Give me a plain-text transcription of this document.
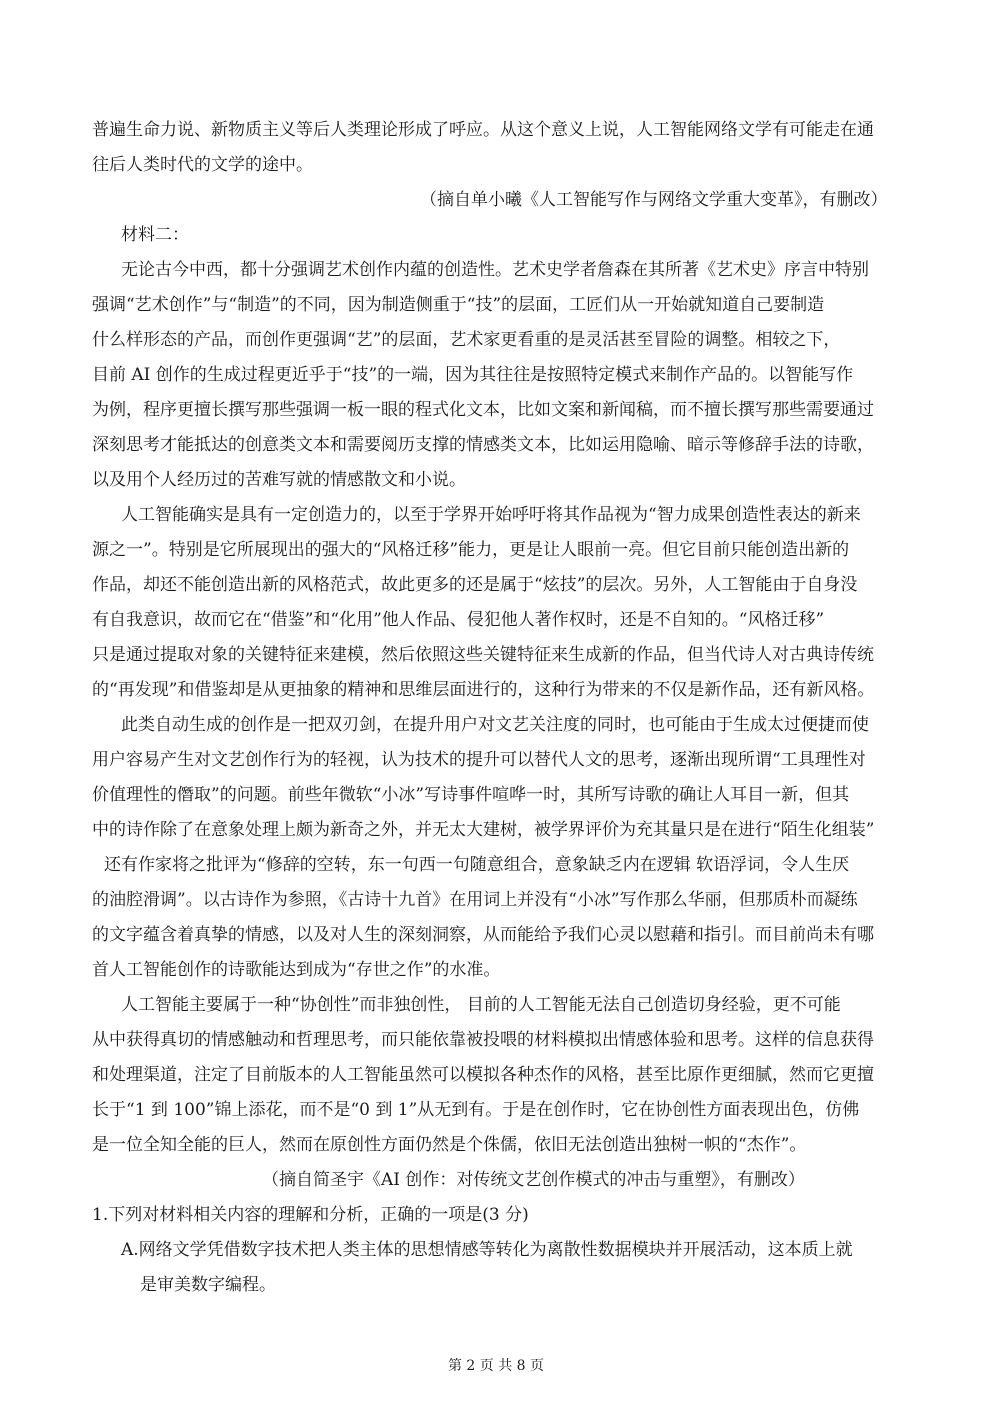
普遍生命力说、新物质主义等后人类理论形成了呼应。从这个意义上说，人工智能网络文学有可能走在通
往后人类时代的文学的途中。
（摘自单小曦《人工智能写作与网络文学重大变革》，有删改）
材料二：
无论古今中西，都十分强调艺术创作内蕴的创造性。艺术史学者詹森在其所著《艺术史》序言中特别
强调“艺术创作”与“制造”的不同，因为制造侧重于“技”的层面，工匠们从一开始就知道自己要制造
什么样形态的产品，而创作更强调“艺”的层面，艺术家更看重的是灵活甚至冒险的调整。相较之下，
目前 AI 创作的生成过程更近乎于“技”的一端，因为其往往是按照特定模式来制作产品的。以智能写作
为例，程序更擅长撰写那些强调一板一眼的程式化文本，比如文案和新闻稿，而不擅长撰写那些需要通过
深刻思考才能抵达的创意类文本和需要阅历支撑的情感类文本，比如运用隐喻、暗示等修辞手法的诗歌，
以及用个人经历过的苦难写就的情感散文和小说。
人工智能确实是具有一定创造力的，以至于学界开始呼吁将其作品视为“智力成果创造性表达的新来
源之一”。特别是它所展现出的强大的“风格迁移”能力，更是让人眼前一亮。但它目前只能创造出新的
作品，却还不能创造出新的风格范式，故此更多的还是属于“炫技”的层次。另外，人工智能由于自身没
有自我意识，故而它在“借鉴”和“化用”他人作品、侵犯他人著作权时，还是不自知的。“风格迁移”
只是通过提取对象的关键特征来建模，然后依照这些关键特征来生成新的作品，但当代诗人对古典诗传统
的“再发现”和借鉴却是从更抽象的精神和思维层面进行的，这种行为带来的不仅是新作品，还有新风格。
此类自动生成的创作是一把双刃剑，在提升用户对文艺关注度的同时，也可能由于生成太过便捷而使
用户容易产生对文艺创作行为的轻视，认为技术的提升可以替代人文的思考，逐渐出现所谓“工具理性对
价值理性的僭取”的问题。前些年微软“小冰”写诗事件喧哗一时，其所写诗歌的确让人耳目一新，但其
中的诗作除了在意象处理上颇为新奇之外，并无太大建树，被学界评价为充其量只是在进行“陌生化组装”
还有作家将之批评为“修辞的空转，东一句西一句随意组合，意象缺乏内在逻辑 软语浮词，令人生厌
的油腔滑调”。以古诗作为参照，《古诗十九首》在用词上并没有“小冰”写作那么华丽，但那质朴而凝练
的文字蕴含着真挚的情感，以及对人生的深刻洞察，从而能给予我们心灵以慰藉和指引。而目前尚未有哪
首人工智能创作的诗歌能达到成为“存世之作”的水准。
人工智能主要属于一种“协创性”而非独创性， 目前的人工智能无法自己创造切身经验，更不可能
从中获得真切的情感触动和哲理思考，而只能依靠被投喂的材料模拟出情感体验和思考。这样的信息获得
和处理渠道，注定了目前版本的人工智能虽然可以模拟各种杰作的风格，甚至比原作更细腻，然而它更擅
长于“1 到 100”锦上添花，而不是“0 到 1”从无到有。于是在创作时，它在协创性方面表现出色，仿佛
是一位全知全能的巨人，然而在原创性方面仍然是个侏儒，依旧无法创造出独树一帜的“杰作”。
（摘自简圣宇《AI 创作：对传统文艺创作模式的冲击与重塑》，有删改）
1.下列对材料相关内容的理解和分析，正确的一项是(3 分)
A.网络文学凭借数字技术把人类主体的思想情感等转化为离散性数据模块并开展活动，这本质上就
是审美数字编程。
第 2 页 共 8 页
